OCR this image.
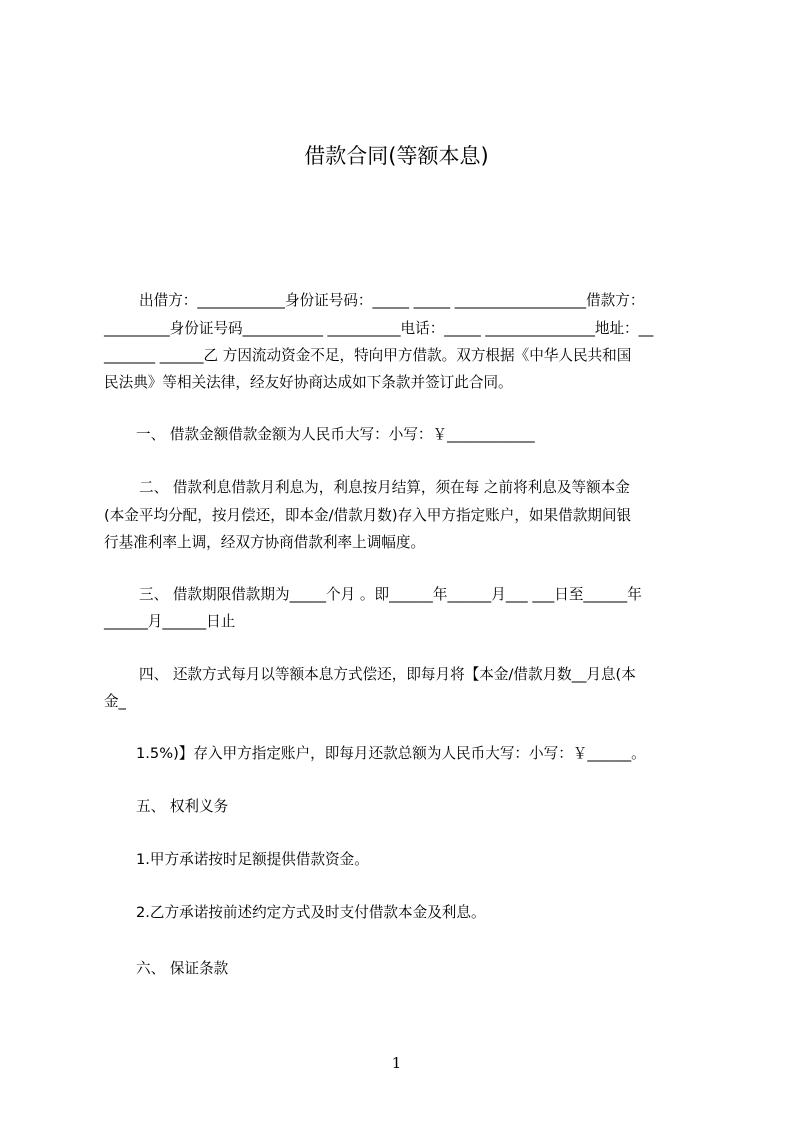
借款合同(等额本息)
出借方：____________身份证号码：_____ _____ __________________借款方：
_________身份证号码___________ __________电话：_____ _______________地址：__
_______ ______乙 方因流动资金不足，特向甲方借款。双方根据《中华人民共和国
民法典》等相关法律，经友好协商达成如下条款并签订此合同。
一、 借款金额借款金额为人民币大写：小写：￥____________
二、 借款利息借款月利息为，利息按月结算，须在每 之前将利息及等额本金
(本金平均分配，按月偿还，即本金/借款月数)存入甲方指定账户，如果借款期间银
行基准利率上调，经双方协商借款利率上调幅度。
三、 借款期限借款期为_____个月 。即______年______月___ ___日至______年
______月______日止
四、 还款方式每月以等额本息方式偿还，即每月将【本金/借款月数__月息(本
金_
1.5%)】存入甲方指定账户，即每月还款总额为人民币大写：小写：￥______。
五、 权利义务
1.甲方承诺按时足额提供借款资金。
2.乙方承诺按前述约定方式及时支付借款本金及利息。
六、 保证条款
1
